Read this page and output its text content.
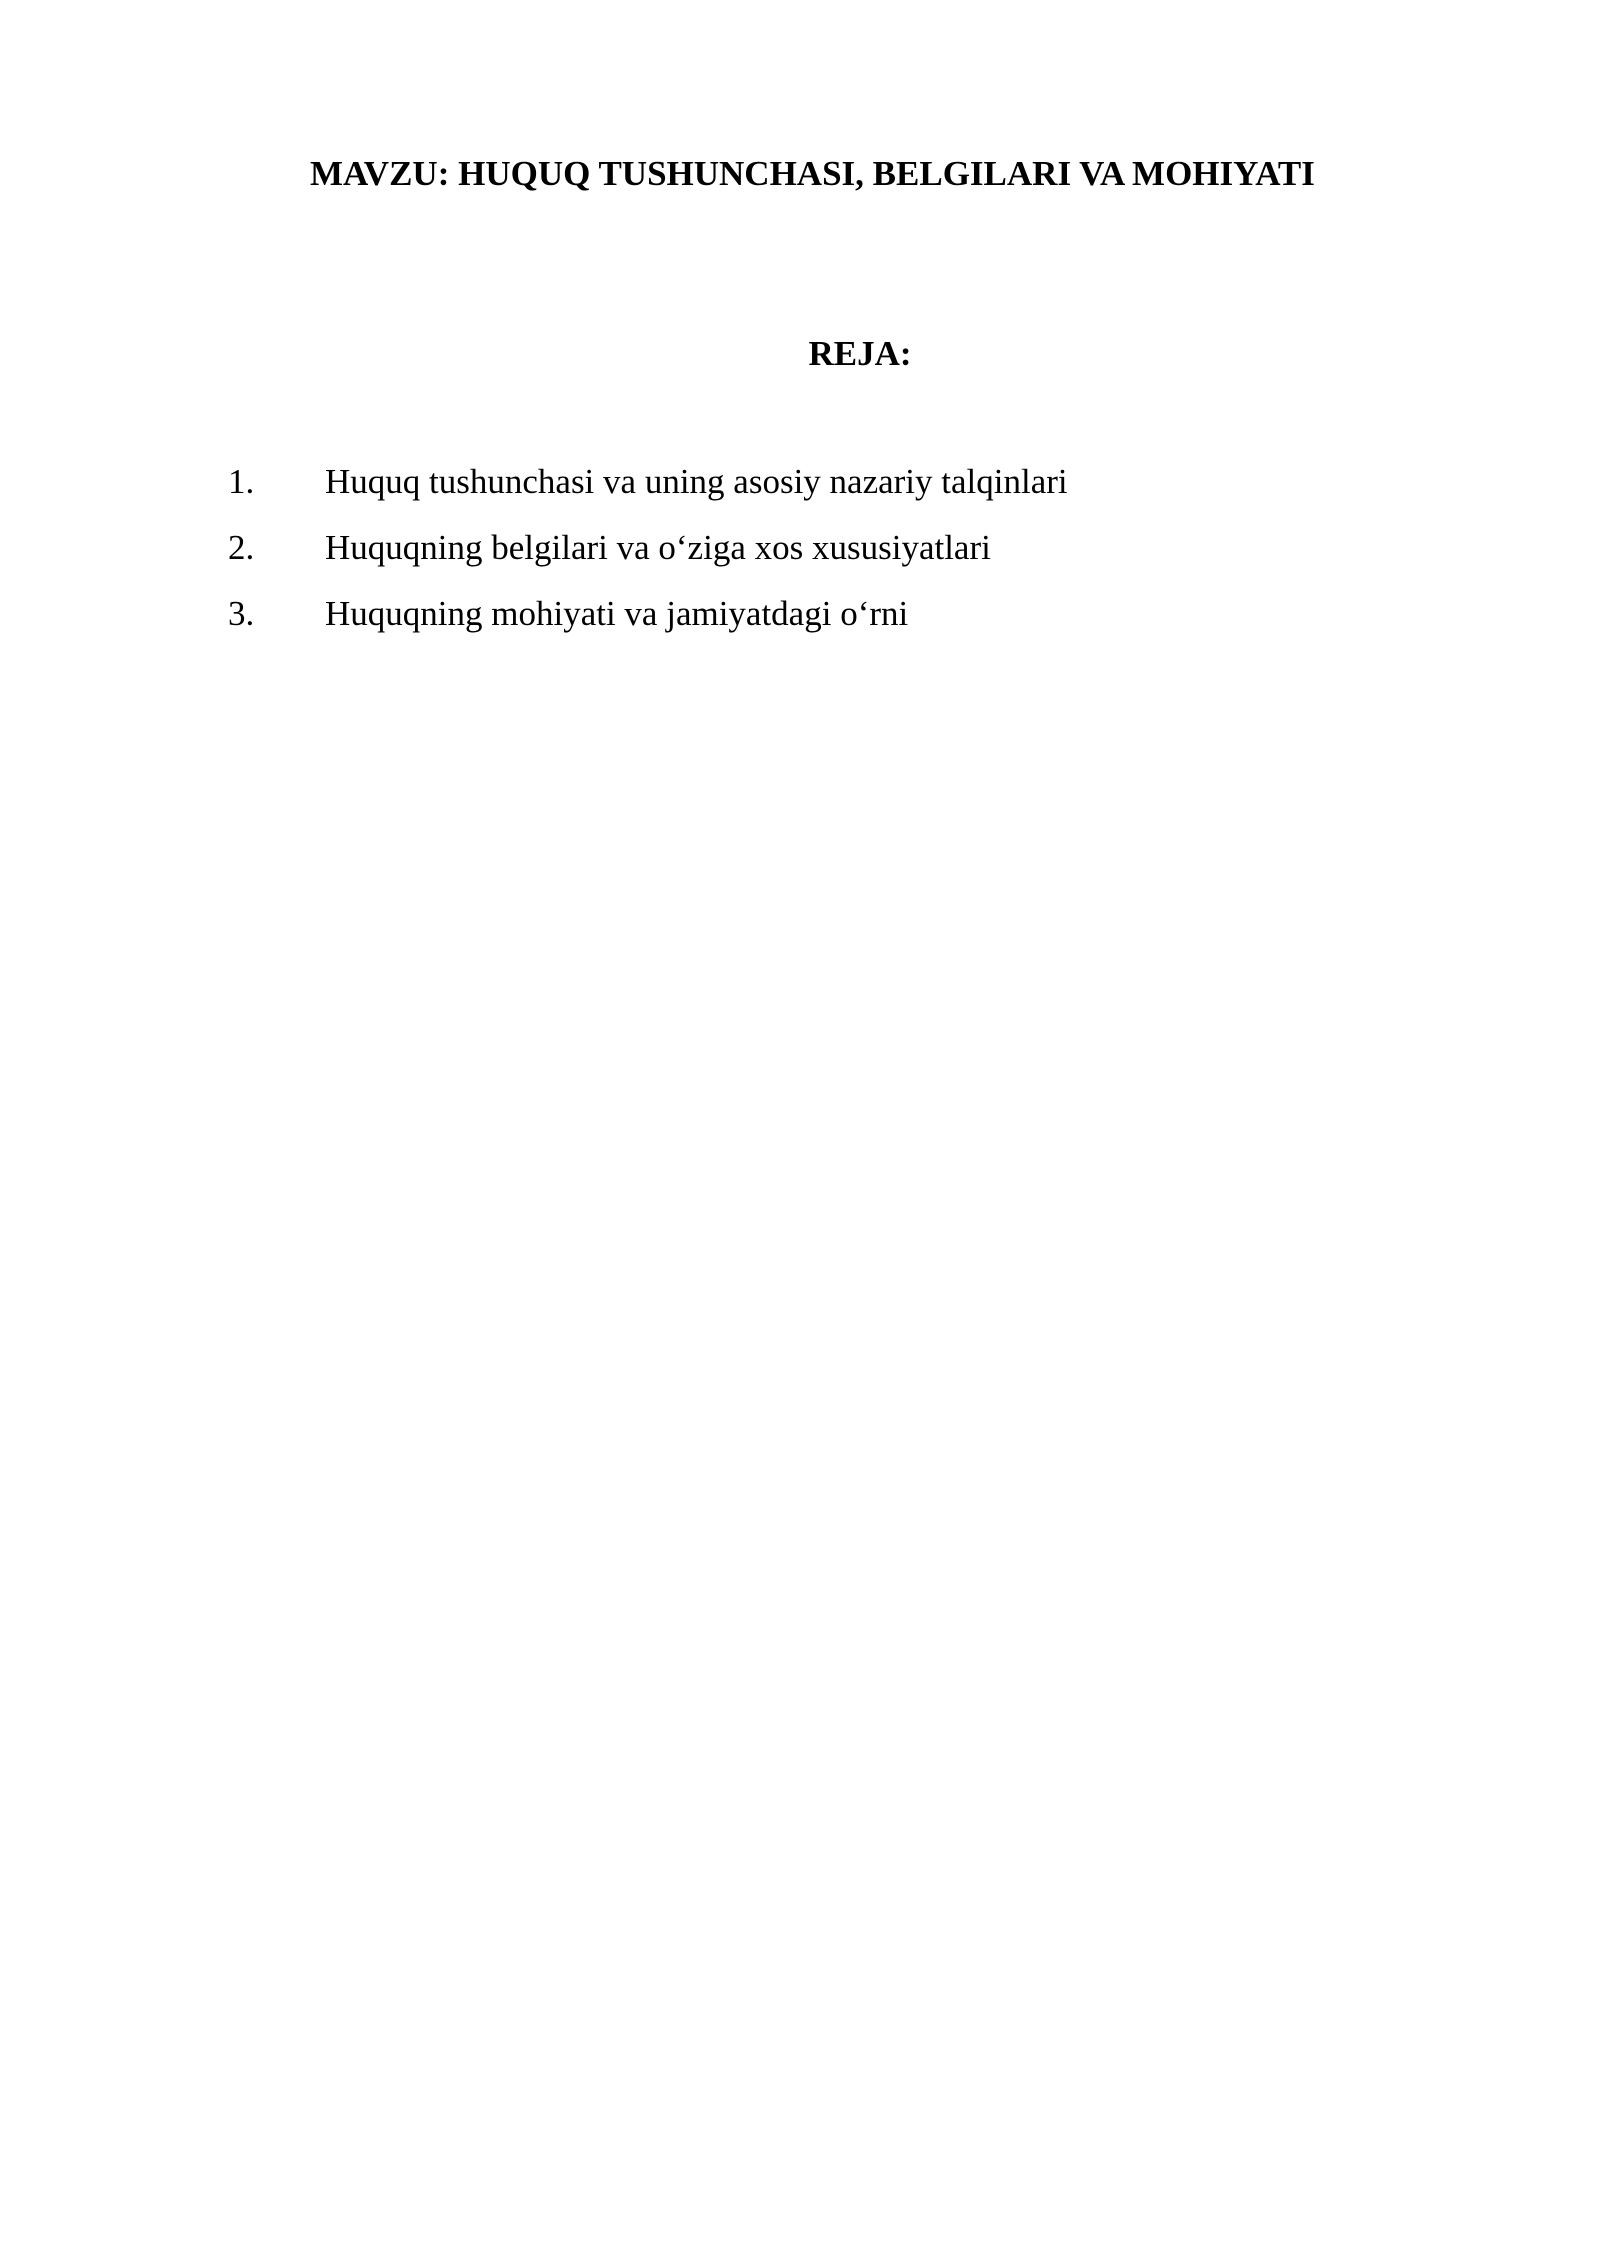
MAVZU: HUQUQ TUSHUNCHASI, BELGILARI VA MOHIYATI
REJA:
1. Huquq tushunchasi va uning asosiy nazariy talqinlari
2. Huquqning belgilari va o‘ziga xos xususiyatlari
3. Huquqning mohiyati va jamiyatdagi o‘rni
